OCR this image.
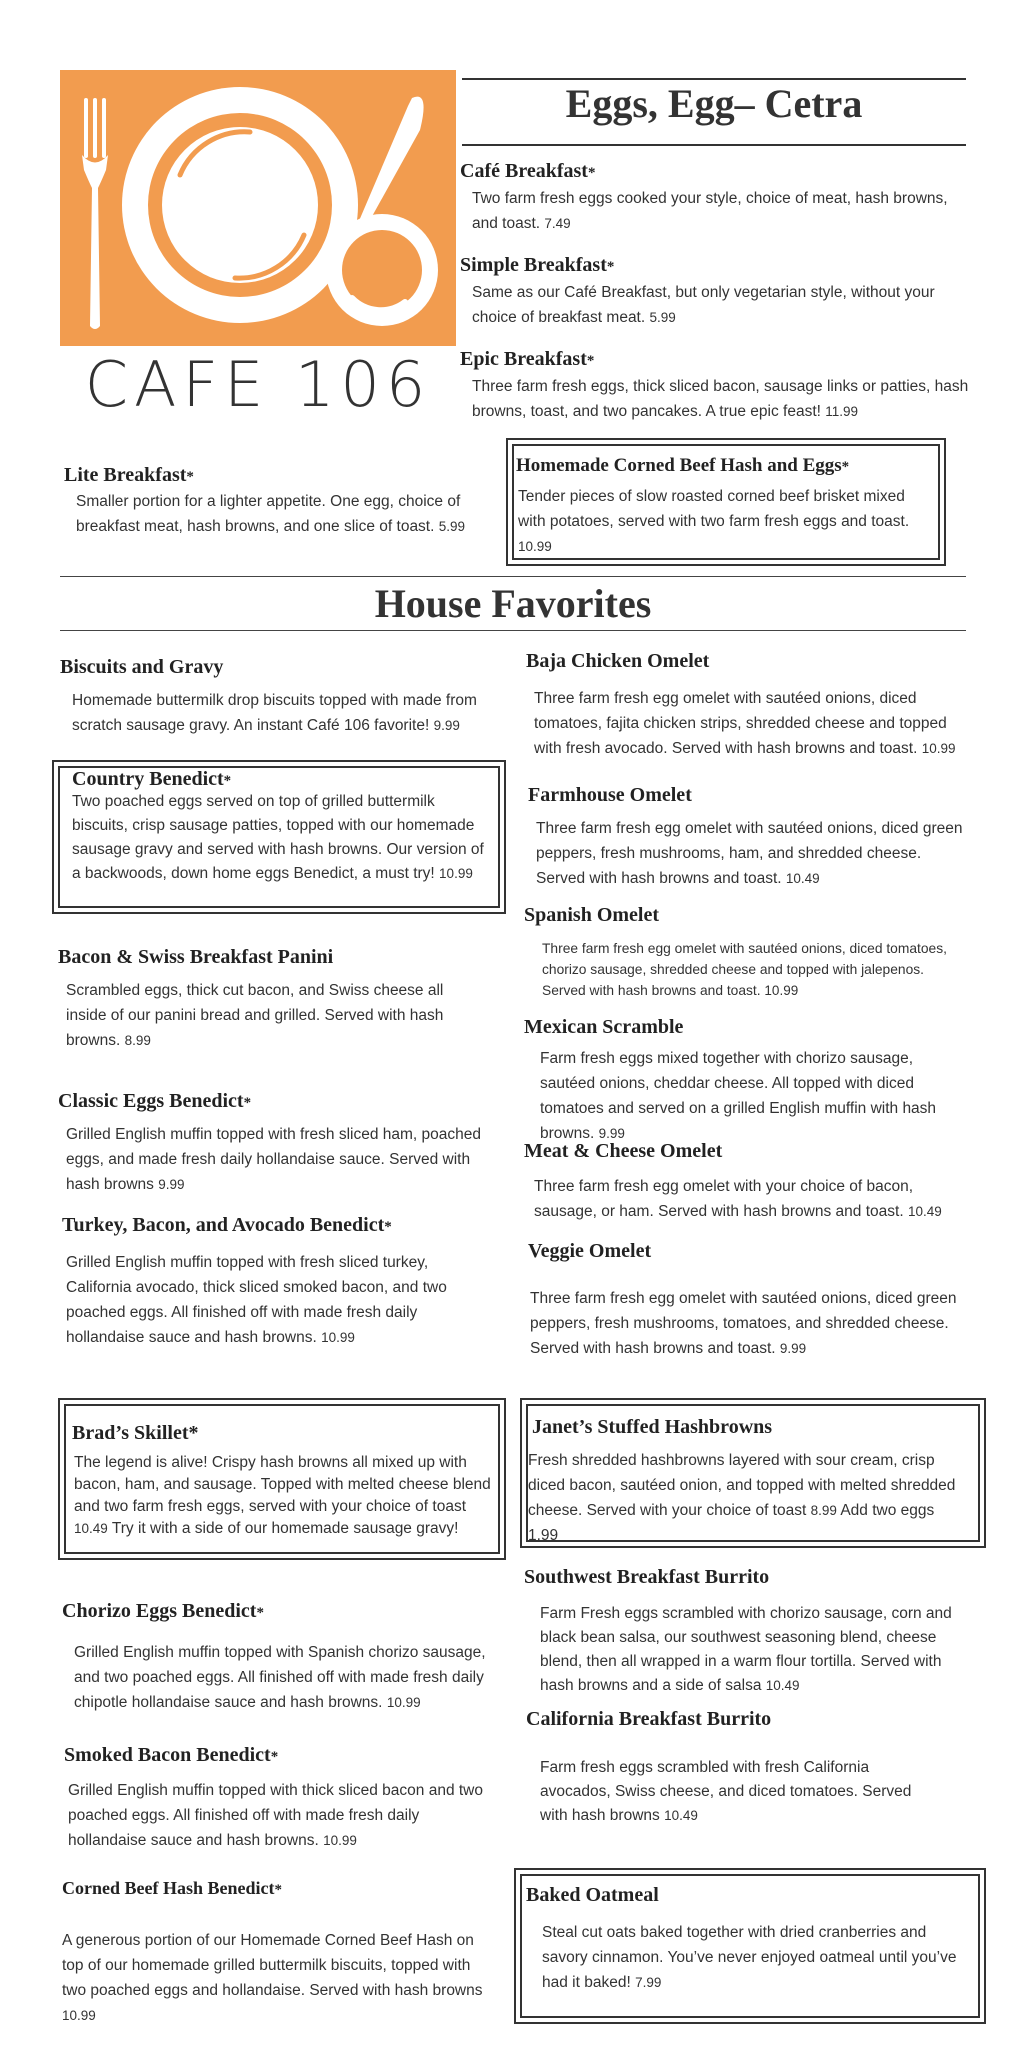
CAFE 106
Eggs, Egg– Cetra
Café Breakfast*
Two farm fresh eggs cooked your style, choice of meat, hash browns, and toast. 7.49
Simple Breakfast*
Same as our Café Breakfast, but only vegetarian style, without your choice of breakfast meat. 5.99
Epic Breakfast*
Three farm fresh eggs, thick sliced bacon, sausage links or patties, hash browns, toast, and two pancakes. A true epic feast! 11.99
Lite Breakfast*
Smaller portion for a lighter appetite. One egg, choice of breakfast meat, hash browns, and one slice of toast. 5.99
Homemade Corned Beef Hash and Eggs*
Tender pieces of slow roasted corned beef brisket mixed with potatoes, served with two farm fresh eggs and toast. 10.99
House Favorites
Biscuits and Gravy
Homemade buttermilk drop biscuits topped with made from scratch sausage gravy. An instant Café 106 favorite! 9.99
Country Benedict*
Two poached eggs served on top of grilled buttermilk biscuits, crisp sausage patties, topped with our homemade sausage gravy and served with hash browns. Our version of a backwoods, down home eggs Benedict, a must try! 10.99
Bacon & Swiss Breakfast Panini
Scrambled eggs, thick cut bacon, and Swiss cheese all inside of our panini bread and grilled. Served with hash browns. 8.99
Classic Eggs Benedict*
Grilled English muffin topped with fresh sliced ham, poached eggs, and made fresh daily hollandaise sauce. Served with hash browns 9.99
Turkey, Bacon, and Avocado Benedict*
Grilled English muffin topped with fresh sliced turkey, California avocado, thick sliced smoked bacon, and two poached eggs. All finished off with made fresh daily hollandaise sauce and hash browns. 10.99
Baja Chicken Omelet
Three farm fresh egg omelet with sautéed onions, diced tomatoes, fajita chicken strips, shredded cheese and topped with fresh avocado. Served with hash browns and toast. 10.99
Farmhouse Omelet
Three farm fresh egg omelet with sautéed onions, diced green peppers, fresh mushrooms, ham, and shredded cheese. Served with hash browns and toast. 10.49
Spanish Omelet
Three farm fresh egg omelet with sautéed onions, diced tomatoes, chorizo sausage, shredded cheese and topped with jalepenos. Served with hash browns and toast. 10.99
Mexican Scramble
Farm fresh eggs mixed together with chorizo sausage, sautéed onions, cheddar cheese. All topped with diced tomatoes and served on a grilled English muffin with hash browns. 9.99
Meat & Cheese Omelet
Three farm fresh egg omelet with your choice of bacon, sausage, or ham. Served with hash browns and toast. 10.49
Veggie Omelet
Three farm fresh egg omelet with sautéed onions, diced green peppers, fresh mushrooms, tomatoes, and shredded cheese. Served with hash browns and toast. 9.99
Brad’s Skillet*
The legend is alive! Crispy hash browns all mixed up with bacon, ham, and sausage. Topped with melted cheese blend and two farm fresh eggs, served with your choice of toast 10.49 Try it with a side of our homemade sausage gravy!
Janet’s Stuffed Hashbrowns
Fresh shredded hashbrowns layered with sour cream, crisp diced bacon, sautéed onion, and topped with melted shredded cheese. Served with your choice of toast 8.99 Add two eggs 1.99
Chorizo Eggs Benedict*
Grilled English muffin topped with Spanish chorizo sausage, and two poached eggs. All finished off with made fresh daily chipotle hollandaise sauce and hash browns. 10.99
Smoked Bacon Benedict*
Grilled English muffin topped with thick sliced bacon and two poached eggs. All finished off with made fresh daily hollandaise sauce and hash browns. 10.99
Corned Beef Hash Benedict*
A generous portion of our Homemade Corned Beef Hash on top of our homemade grilled buttermilk biscuits, topped with two poached eggs and hollandaise. Served with hash browns 10.99
Southwest Breakfast Burrito
Farm Fresh eggs scrambled with chorizo sausage, corn and black bean salsa, our southwest seasoning blend, cheese blend, then all wrapped in a warm flour tortilla. Served with hash browns and a side of salsa 10.49
California Breakfast Burrito
Farm fresh eggs scrambled with fresh California avocados, Swiss cheese, and diced tomatoes. Served with hash browns 10.49
Baked Oatmeal
Steal cut oats baked together with dried cranberries and savory cinnamon. You’ve never enjoyed oatmeal until you’ve had it baked! 7.99
